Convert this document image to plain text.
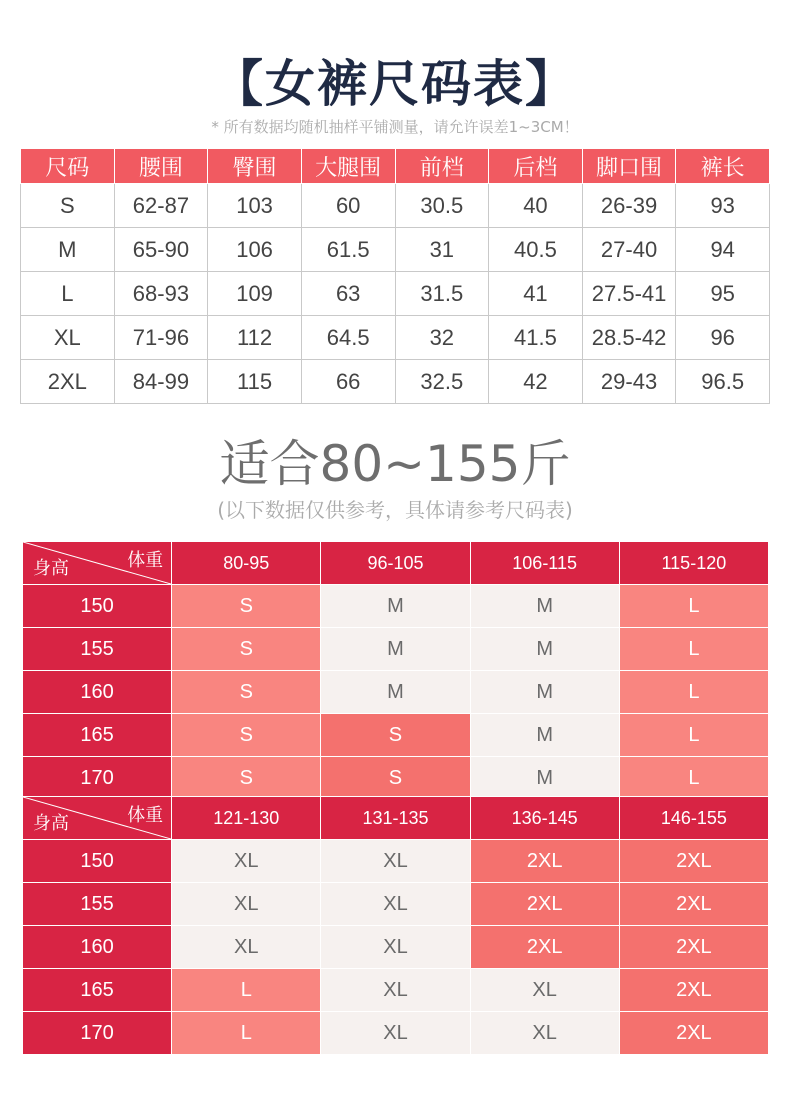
【女裤尺码表】
* 所有数据均随机抽样平铺测量，请允许误差1~3CM！
尺码	腰围	臀围	大腿围	前档	后档	脚口围	裤长
S	62-87	103	60	30.5	40	26-39	93
M	65-90	106	61.5	31	40.5	27-40	94
L	68-93	109	63	31.5	41	27.5-41	95
XL	71-96	112	64.5	32	41.5	28.5-42	96
2XL	84-99	115	66	32.5	42	29-43	96.5
适合80~155斤
(以下数据仅供参考，具体请参考尺码表)
体重
身高	80-95	96-105	106-115	115-120
150	S	M	M	L
155	S	M	M	L
160	S	M	M	L
165	S	S	M	L
170	S	S	M	L
体重
身高	121-130	131-135	136-145	146-155
150	XL	XL	2XL	2XL
155	XL	XL	2XL	2XL
160	XL	XL	2XL	2XL
165	L	XL	XL	2XL
170	L	XL	XL	2XL
